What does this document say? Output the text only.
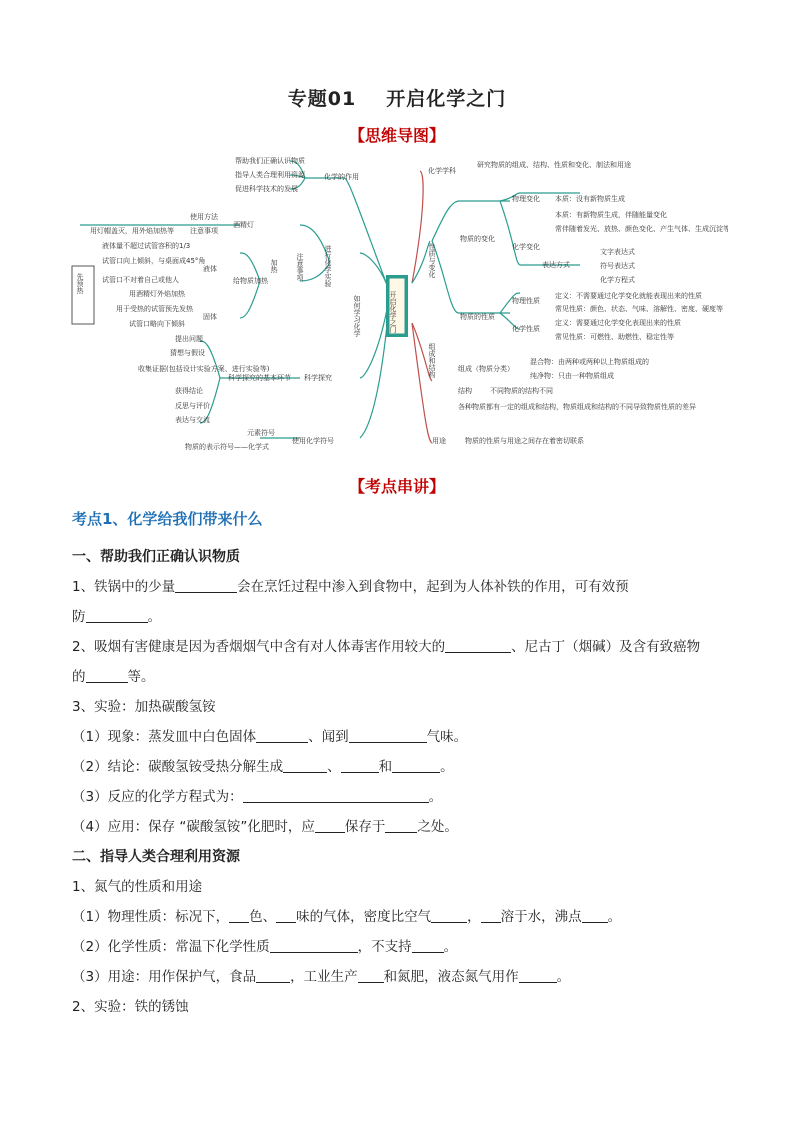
专题01 开启化学之门
【思维导图】
开启化学之门
先预热
化学学科
研究物质的组成、结构、性质和变化、制法和用途
性质与变化
物质的变化
物理变化 本质：没有新物质生成
化学变化
本质：有新物质生成，伴随能量变化
常伴随着发光、放热、颜色变化、产生气体、生成沉淀等现象
表达方式
文字表达式
符号表达式
化学方程式
物质的性质
物理性质
定义：不需要通过化学变化就能表现出来的性质
常见性质：颜色、状态、气味、溶解性、密度、硬度等
化学性质
定义：需要通过化学变化表现出来的性质
常见性质：可燃性、助燃性、稳定性等
组成和结构	组成（物质分类）
混合物：由两种或两种以上物质组成的
纯净物：只由一种物质组成
结构	不同物质的结构不同
各种物质都有一定的组成和结构，物质组成和结构的不同导致物质性质的差异
用途	物质的性质与用途之间存在着密切联系
化学的作用
帮助我们正确认识物质
指导人类合理利用资源
促进科学技术的发展
如何学习化学
进行化学实验
注意事项
酒精灯
使用方法
注意事项
用灯帽盖灭，用外焰加热等
加热
给物质加热
液体
液体量不超过试管容积的1/3
试管口向上倾斜，与桌面成45°角
试管口不对着自己或他人
用酒精灯外焰加热
固体
用于受热的试管预先发热
试管口略向下倾斜
科学探究
科学探究的基本环节
提出问题
猜想与假设
收集证据(包括设计实验方案、进行实验等)
获得结论
反思与评价
表达与交流
使用化学符号
元素符号
物质的表示符号——化学式
【考点串讲】
考点1、化学给我们带来什么
一、帮助我们正确认识物质
1、铁锅中的少量	会在烹饪过程中渗入到食物中，起到为人体补铁的作用，可有效预
防	。
2、吸烟有害健康是因为香烟烟气中含有对人体毒害作用较大的	、尼古丁（烟碱）及含有致癌物
的	等。
3、实验：加热碳酸氢铵
（1）现象：蒸发皿中白色固体	、闻到	气味。
（2）结论：碳酸氢铵受热分解生成	、	和	。
（3）反应的化学方程式为：	。
（4）应用：保存 “碳酸氢铵”化肥时，应 保存于 之处。
二、指导人类合理利用资源
1、氮气的性质和用途
（1）物理性质：标况下， 色、 味的气体，密度比空气	， 溶于水，沸点 。
（2）化学性质：常温下化学性质	，不支持 。
（3）用途：用作保护气，食品	，工业生产 和氮肥，液态氮气用作	。
2、实验：铁的锈蚀
